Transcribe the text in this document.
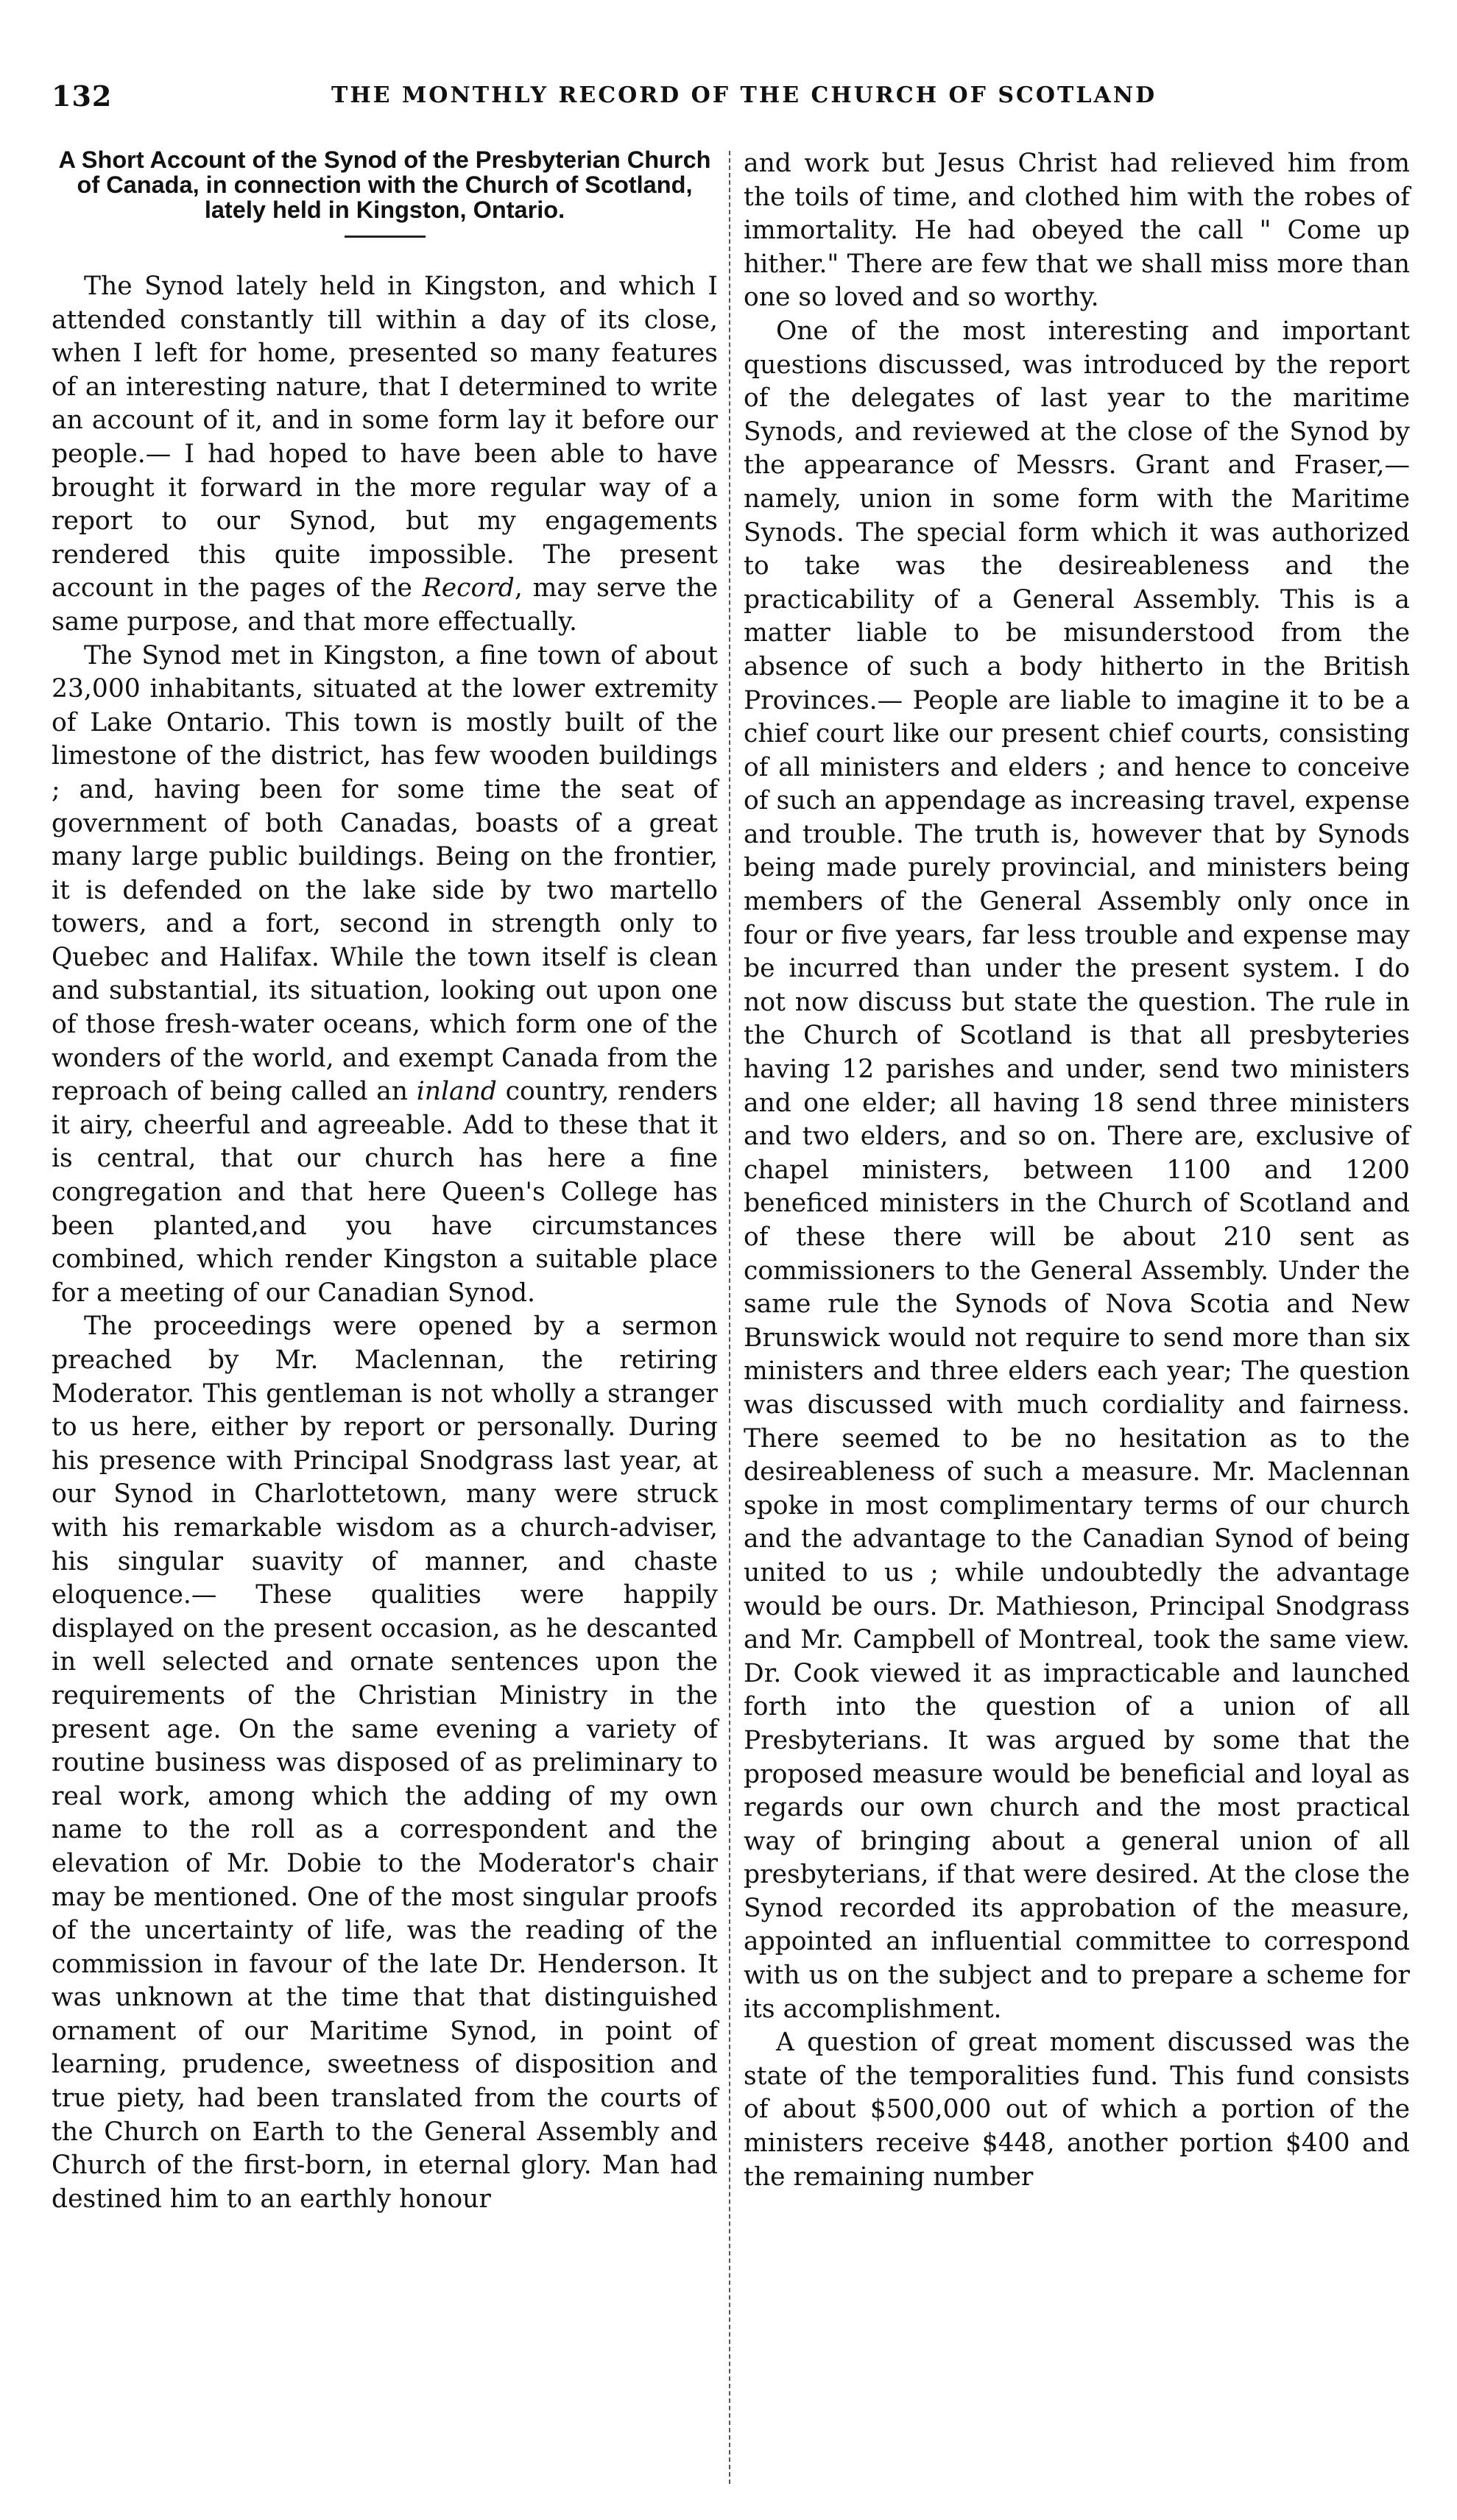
132	THE MONTHLY RECORD OF THE CHURCH OF SCOTLAND
A Short Account of the Synod of the Presbyterian Church of Canada, in connection with the Church of Scotland, lately held in Kingston, Ontario.

The Synod lately held in Kingston, and which I attended constantly till within a day of its close, when I left for home, presented so many features of an interesting nature, that I determined to write an account of it, and in some form lay it before our people.— I had hoped to have been able to have brought it forward in the more regular way of a report to our Synod, but my engagements rendered this quite impossible. The present account in the pages of the Record, may serve the same purpose, and that more effectually.

The Synod met in Kingston, a fine town of about 23,000 inhabitants, situated at the lower extremity of Lake Ontario. This town is mostly built of the limestone of the district, has few wooden buildings ; and, having been for some time the seat of government of both Canadas, boasts of a great many large public buildings. Being on the frontier, it is defended on the lake side by two martello towers, and a fort, second in strength only to Quebec and Halifax. While the town itself is clean and substantial, its situation, looking out upon one of those fresh-water oceans, which form one of the wonders of the world, and exempt Canada from the reproach of being called an inland country, renders it airy, cheerful and agreeable. Add to these that it is central, that our church has here a fine congregation and that here Queen's College has been planted,and you have circumstances combined, which render Kingston a suitable place for a meeting of our Canadian Synod.

The proceedings were opened by a sermon preached by Mr. Maclennan, the retiring Moderator. This gentleman is not wholly a stranger to us here, either by report or personally. During his presence with Principal Snodgrass last year, at our Synod in Charlottetown, many were struck with his remarkable wisdom as a church-adviser, his singular suavity of manner, and chaste eloquence.— These qualities were happily displayed on the present occasion, as he descanted in well selected and ornate sentences upon the requirements of the Christian Ministry in the present age. On the same evening a variety of routine business was disposed of as preliminary to real work, among which the adding of my own name to the roll as a correspondent and the elevation of Mr. Dobie to the Moderator's chair may be mentioned. One of the most singular proofs of the uncertainty of life, was the reading of the commission in favour of the late Dr. Henderson. It was unknown at the time that that distinguished ornament of our Maritime Synod, in point of learning, prudence, sweetness of disposition and true piety, had been translated from the courts of the Church on Earth to the General Assembly and Church of the first-born, in eternal glory. Man had destined him to an earthly honour

and work but Jesus Christ had relieved him from the toils of time, and clothed him with the robes of immortality. He had obeyed the call " Come up hither." There are few that we shall miss more than one so loved and so worthy.

One of the most interesting and important questions discussed, was introduced by the report of the delegates of last year to the maritime Synods, and reviewed at the close of the Synod by the appearance of Messrs. Grant and Fraser,—namely, union in some form with the Maritime Synods. The special form which it was authorized to take was the desireableness and the practicability of a General Assembly. This is a matter liable to be misunderstood from the absence of such a body hitherto in the British Provinces.— People are liable to imagine it to be a chief court like our present chief courts, consisting of all ministers and elders ; and hence to conceive of such an appendage as increasing travel, expense and trouble. The truth is, however that by Synods being made purely provincial, and ministers being members of the General Assembly only once in four or five years, far less trouble and expense may be incurred than under the present system. I do not now discuss but state the question. The rule in the Church of Scotland is that all presbyteries having 12 parishes and under, send two ministers and one elder; all having 18 send three ministers and two elders, and so on. There are, exclusive of chapel ministers, between 1100 and 1200 beneficed ministers in the Church of Scotland and of these there will be about 210 sent as commissioners to the General Assembly. Under the same rule the Synods of Nova Scotia and New Brunswick would not require to send more than six ministers and three elders each year; The question was discussed with much cordiality and fairness. There seemed to be no hesitation as to the desireableness of such a measure. Mr. Maclennan spoke in most complimentary terms of our church and the advantage to the Canadian Synod of being united to us ; while undoubtedly the advantage would be ours. Dr. Mathieson, Principal Snodgrass and Mr. Campbell of Montreal, took the same view. Dr. Cook viewed it as impracticable and launched forth into the question of a union of all Presbyterians. It was argued by some that the proposed measure would be beneficial and loyal as regards our own church and the most practical way of bringing about a general union of all presbyterians, if that were desired. At the close the Synod recorded its approbation of the measure, appointed an influential committee to correspond with us on the subject and to prepare a scheme for its accomplishment.

A question of great moment discussed was the state of the temporalities fund. This fund consists of about $500,000 out of which a portion of the ministers receive $448, another portion $400 and the remaining number
